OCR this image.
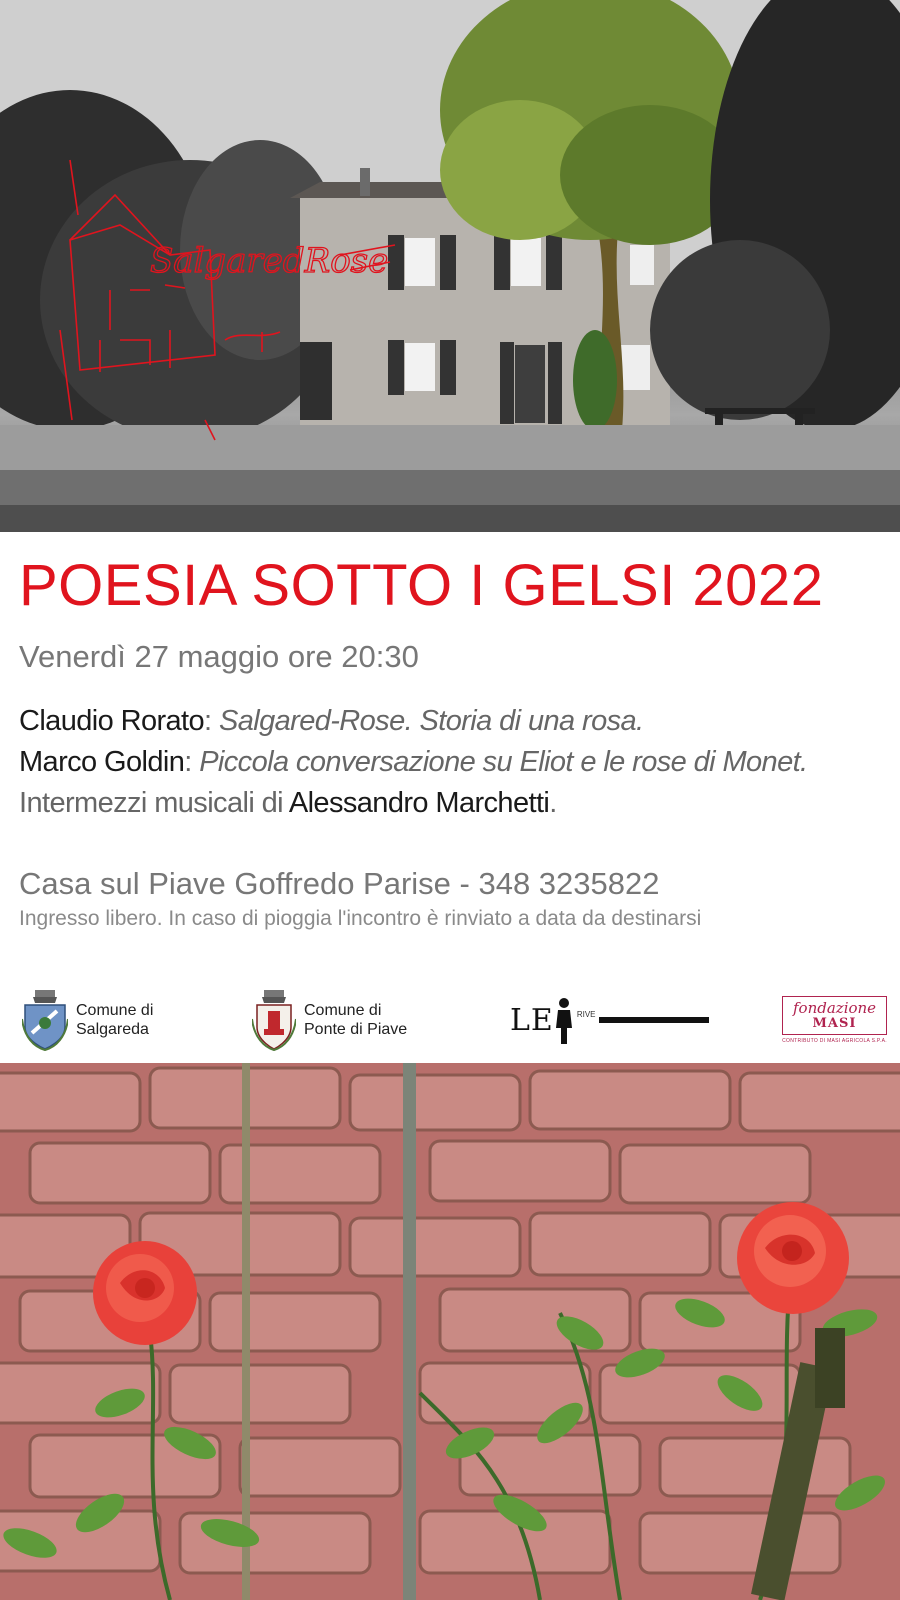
SalgaredRose
POESIA SOTTO I GELSI 2022
Venerdì 27 maggio ore 20:30
Claudio Rorato: Salgared-Rose. Storia di una rosa.
Marco Goldin: Piccola conversazione su Eliot e le rose di Monet.
Intermezzi musicali di Alessandro Marchetti.
Casa sul Piave Goffredo Parise - 348 3235822
Ingresso libero. In caso di pioggia l'incontro è rinviato a data da destinarsi
Comune di
Salgareda
Comune di
Ponte di Piave	LE	RIVE	fondazione
MASI
CONTRIBUTO DI MASI AGRICOLA S.P.A.
